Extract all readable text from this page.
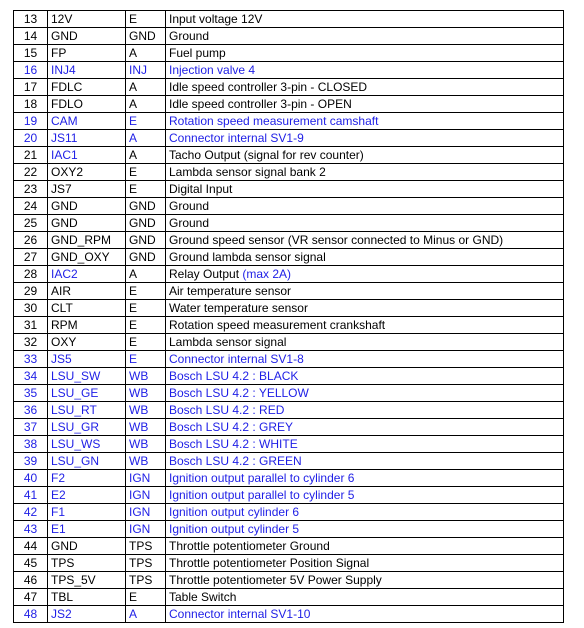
13	12V	E	Input voltage 12V
14	GND	GND	Ground
15	FP	A	Fuel pump
16	INJ4	INJ	Injection valve 4
17	FDLC	A	Idle speed controller 3-pin - CLOSED
18	FDLO	A	Idle speed controller 3-pin - OPEN
19	CAM	E	Rotation speed measurement camshaft
20	JS11	A	Connector internal SV1-9
21	IAC1	A	Tacho Output (signal for rev counter)
22	OXY2	E	Lambda sensor signal bank 2
23	JS7	E	Digital Input
24	GND	GND	Ground
25	GND	GND	Ground
26	GND_RPM	GND	Ground speed sensor (VR sensor connected to Minus or GND)
27	GND_OXY	GND	Ground lambda sensor signal
28	IAC2	A	Relay Output (max 2A)
29	AIR	E	Air temperature sensor
30	CLT	E	Water temperature sensor
31	RPM	E	Rotation speed measurement crankshaft
32	OXY	E	Lambda sensor signal
33	JS5	E	Connector internal SV1-8
34	LSU_SW	WB	Bosch LSU 4.2 : BLACK
35	LSU_GE	WB	Bosch LSU 4.2 : YELLOW
36	LSU_RT	WB	Bosch LSU 4.2 : RED
37	LSU_GR	WB	Bosch LSU 4.2 : GREY
38	LSU_WS	WB	Bosch LSU 4.2 : WHITE
39	LSU_GN	WB	Bosch LSU 4.2 : GREEN
40	F2	IGN	Ignition output parallel to cylinder 6
41	E2	IGN	Ignition output parallel to cylinder 5
42	F1	IGN	Ignition output cylinder 6
43	E1	IGN	Ignition output cylinder 5
44	GND	TPS	Throttle potentiometer Ground
45	TPS	TPS	Throttle potentiometer Position Signal
46	TPS_5V	TPS	Throttle potentiometer 5V Power Supply
47	TBL	E	Table Switch
48	JS2	A	Connector internal SV1-10
